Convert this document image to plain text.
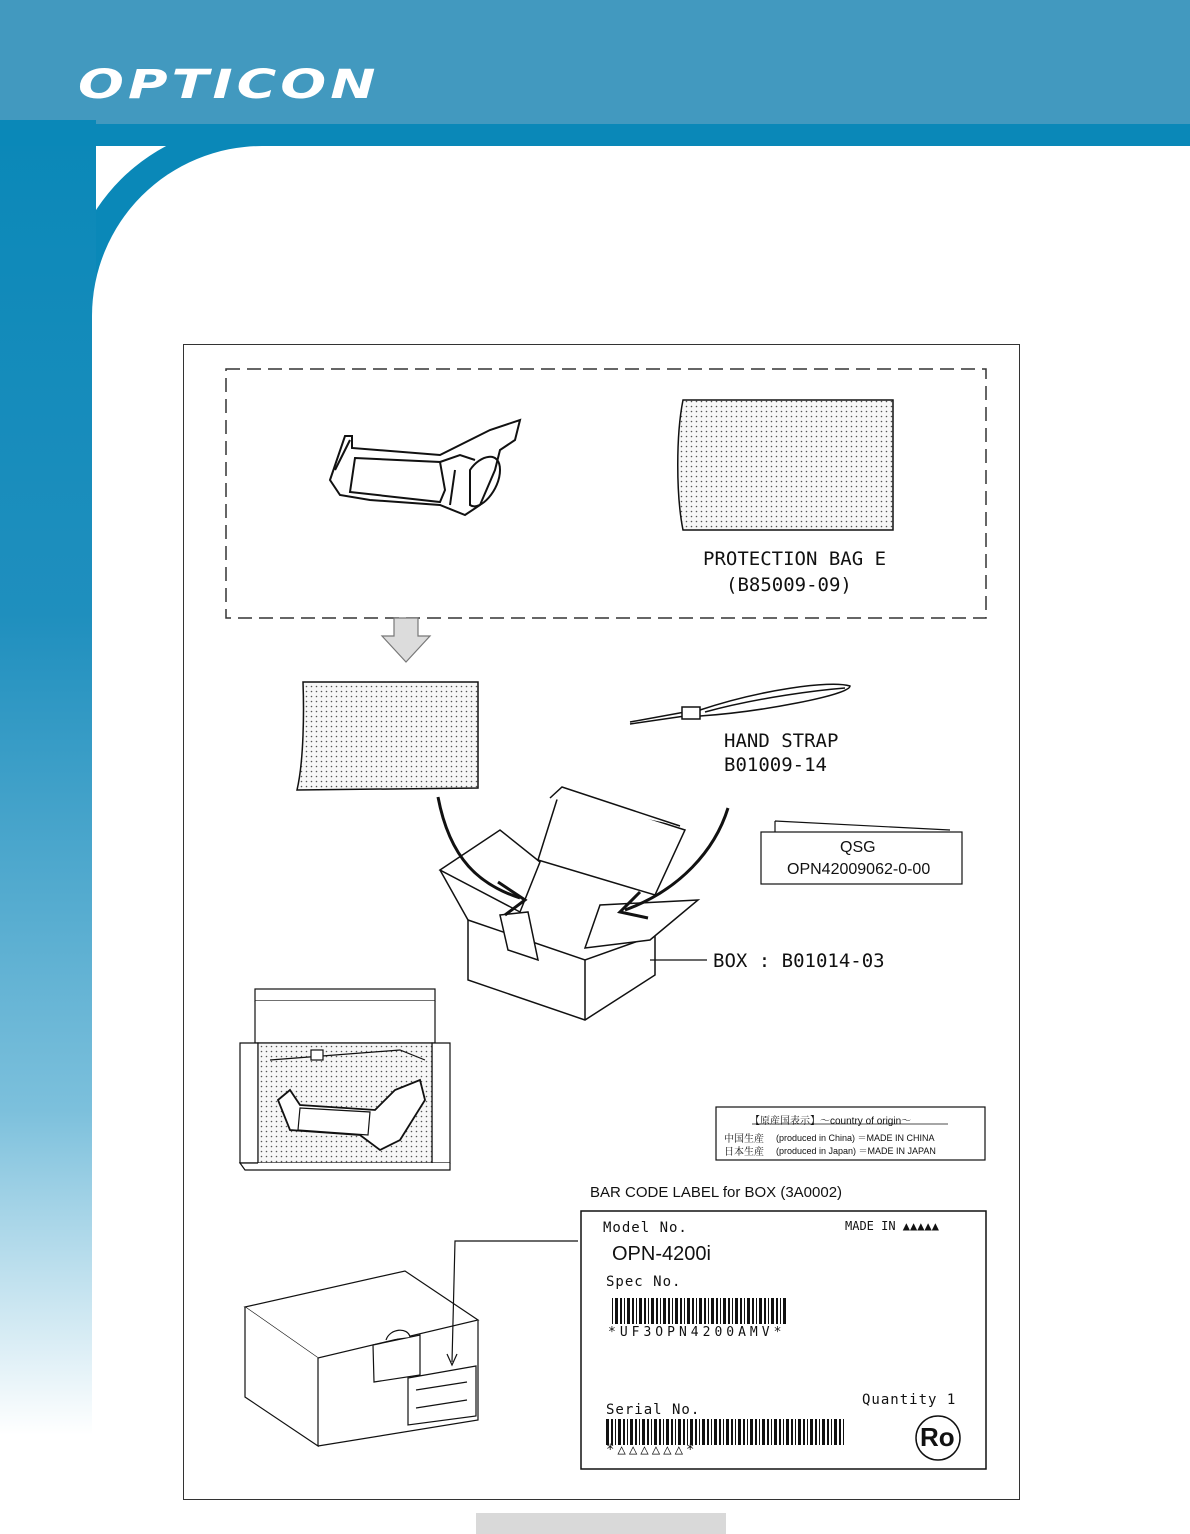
OPTICON
PROTECTION BAG E
(B85009-09)
HAND STRAP
B01009-14
QSG
OPN42009062-0-00
BOX : B01014-03
【原産国表示】～country of origin～
中国生産 (produced in China) ＝MADE IN CHINA
日本生産 (produced in Japan) ＝MADE IN JAPAN
BAR CODE LABEL for BOX (3A0002)
Model No.	MADE IN ▲▲▲▲▲
OPN-4200i
Spec No.
*UF3OPN4200AMV*
Quantity 1
Serial No.
*△△△△△△*	Ro
